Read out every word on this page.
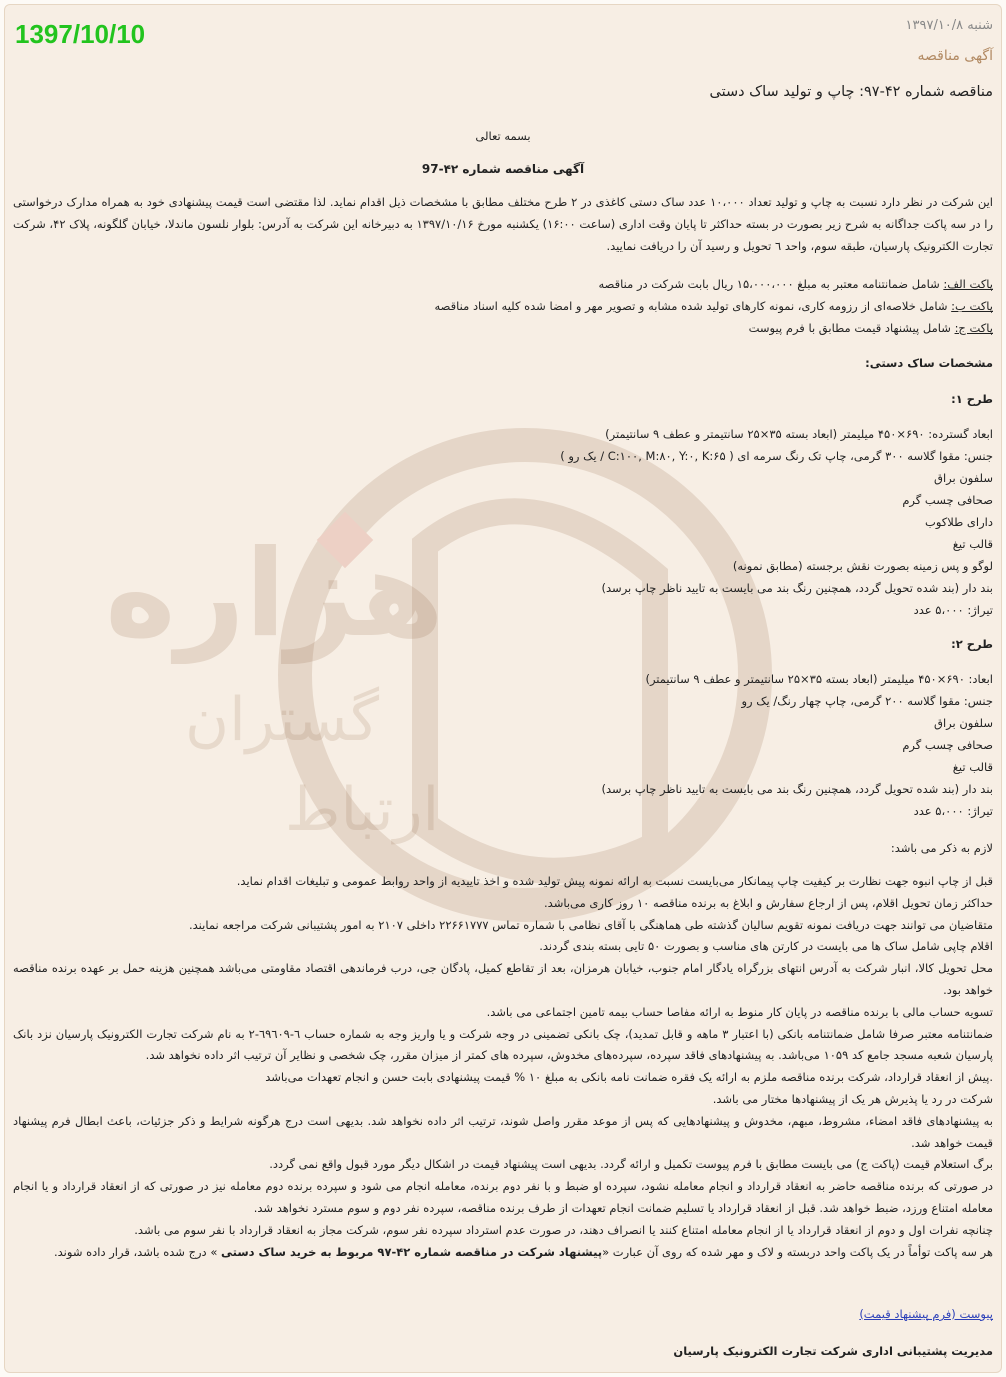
هزاره
گستران
ارتباط
1397/10/10	شنبه ۱۳۹۷/۱۰/۸
آگهی مناقصه
مناقصه شماره ۴۲-۹۷: چاپ و تولید ساک دستی
بسمه تعالی
آگهی مناقصه شماره ۴۲-97
این شرکت در نظر دارد نسبت به چاپ و تولید تعداد ۱۰،۰۰۰ عدد ساک دستی کاغذی در ۲ طرح مختلف مطابق با مشخصات ذیل اقدام نماید. لذا مقتضی است قیمت پیشنهادی خود به همراه مدارک درخواستی را در سه پاکت جداگانه به شرح زیر بصورت در بسته حداکثر تا پایان وقت اداری (ساعت ۱۶:۰۰) یکشنبه مورخ ۱۳۹۷/۱۰/۱۶ به دبیرخانه این شرکت به آدرس: بلوار نلسون ماندلا، خیابان گلگونه، پلاک ۴۲، شرکت تجارت الکترونیک پارسیان، طبقه سوم، واحد ٦ تحویل و رسید آن را دریافت نمایید.

پاکت الف: شامل ضمانتنامه معتبر به مبلغ ۱۵،۰۰۰،۰۰۰ ریال بابت شرکت در مناقصه

پاکت ب: شامل خلاصه‌ای از رزومه کاری، نمونه کارهای تولید شده مشابه و تصویر مهر و امضا شده کلیه اسناد مناقصه

پاکت ج: شامل پیشنهاد قیمت مطابق با فرم پیوست

مشخصات ساک دستی:
طرح ۱:

ابعاد گسترده: ۶۹۰×۴۵۰ میلیمتر (ابعاد بسته ۳۵×۲۵ سانتیمتر و عطف ۹ سانتیمتر)

جنس: مقوا گلاسه ۳۰۰ گرمی، چاپ تک رنگ سرمه ای ( C:۱۰۰, M:۸۰, Y:۰, K:۶۵ / یک رو )

سلفون براق

صحافی چسب گرم

دارای طلاکوب

قالب تیغ

لوگو و پس زمینه بصورت نقش برجسته (مطابق نمونه)

بند دار (بند شده تحویل گردد، همچنین رنگ بند می بایست به تایید ناظر چاپ برسد)

تیراژ: ۵،۰۰۰ عدد

طرح ۲:

ابعاد: ۶۹۰×۴۵۰ میلیمتر (ابعاد بسته ۳۵×۲۵ سانتیمتر و عطف ۹ سانتیمتر)

جنس: مقوا گلاسه ۲۰۰ گرمی، چاپ چهار رنگ/ یک رو

سلفون براق

صحافی چسب گرم

قالب تیغ

بند دار (بند شده تحویل گردد، همچنین رنگ بند می بایست به تایید ناظر چاپ برسد)

تیراژ: ۵،۰۰۰ عدد

لازم به ذکر می باشد:

قبل از چاپ انبوه جهت نظارت بر کیفیت چاپ پیمانکار می‌بایست نسبت به ارائه نمونه پیش تولید شده و اخذ تاییدیه از واحد روابط عمومی و تبلیغات اقدام نماید.

حداکثر زمان تحویل اقلام، پس از ارجاع سفارش و ابلاغ به برنده مناقصه ۱۰ روز کاری می‌باشد.

متقاضیان می توانند جهت دریافت نمونه تقویم سالیان گذشته طی هماهنگی با آقای نظامی با شماره تماس ۲۲۶۶۱۷۷۷ داخلی ۲۱۰۷ به امور پشتیبانی شرکت مراجعه نمایند.

اقلام چاپی شامل ساک ها می بایست در کارتن های مناسب و بصورت ۵۰ تایی بسته بندی گردند.

محل تحویل کالا، انبار شرکت به آدرس انتهای بزرگراه یادگار امام جنوب، خیابان هرمزان، بعد از تقاطع کمیل، پادگان جی، درب فرماندهی اقتصاد مقاومتی می‌باشد همچنین هزینه حمل بر عهده برنده مناقصه خواهد بود.

تسویه حساب مالی با برنده مناقصه در پایان کار منوط به ارائه مفاصا حساب بیمه تامین اجتماعی می باشد.

ضمانتنامه معتبر صرفا شامل ضمانتنامه بانکی (با اعتبار ۳ ماهه و قابل تمدید)، چک بانکی تضمینی در وجه شرکت و یا واریز وجه به شماره حساب ٦-٦٩٦٠٩-٢ به نام شرکت تجارت الکترونیک پارسیان نزد بانک پارسیان شعبه مسجد جامع کد ۱۰۵۹ می‌باشد. به پیشنهادهای فاقد سپرده، سپرده‌های مخدوش، سپرده های کمتر از میزان مقرر، چک شخصی و نظایر آن ترتیب اثر داده نخواهد شد.

.پیش از انعقاد قرارداد، شرکت برنده مناقصه ملزم به ارائه یک فقره ضمانت نامه بانکی به مبلغ ۱۰ % قیمت پیشنهادی بابت حسن و انجام تعهدات می‌باشد

شرکت در رد یا پذیرش هر یک از پیشنهادها مختار می باشد.

به پیشنهادهای فاقد امضاء، مشروط، مبهم، مخدوش و پیشنهادهایی که پس از موعد مقرر واصل شوند، ترتیب اثر داده نخواهد شد. بدیهی است درج هرگونه شرایط و ذکر جزئیات، باعث ابطال فرم پیشنهاد قیمت خواهد شد.

برگ استعلام قیمت (پاکت ج) می بایست مطابق با فرم پیوست تکمیل و ارائه گردد. بدیهی است پیشنهاد قیمت در اشکال دیگر مورد قبول واقع نمی گردد.

در صورتی که برنده مناقصه حاضر به انعقاد قرارداد و انجام معامله نشود، سپرده او ضبط و با نفر دوم برنده، معامله انجام می شود و سپرده برنده دوم معامله نیز در صورتی که از انعقاد قرارداد و یا انجام معامله امتناع ورزد، ضبط خواهد شد. قبل از انعقاد قرارداد یا تسلیم ضمانت انجام تعهدات از طرف برنده مناقصه، سپرده نفر دوم و سوم مسترد نخواهد شد.

چنانچه نفرات اول و دوم از انعقاد قرارداد یا از انجام معامله امتناع کنند یا انصراف دهند، در صورت عدم استرداد سپرده نفر سوم، شرکت مجاز به انعقاد قرارداد با نفر سوم می باشد.

هر سه پاکت توأماً در یک پاکت واحد دربسته و لاک و مهر شده که روی آن عبارت «پیشنهاد شرکت در مناقصه شماره ۴۲-۹۷ مربوط به خرید ساک دستی » درج شده باشد، قرار داده شوند.

پیوست (فرم پیشنهاد قیمت)
مدیریت پشتیبانی اداری شرکت تجارت الکترونیک پارسیان
